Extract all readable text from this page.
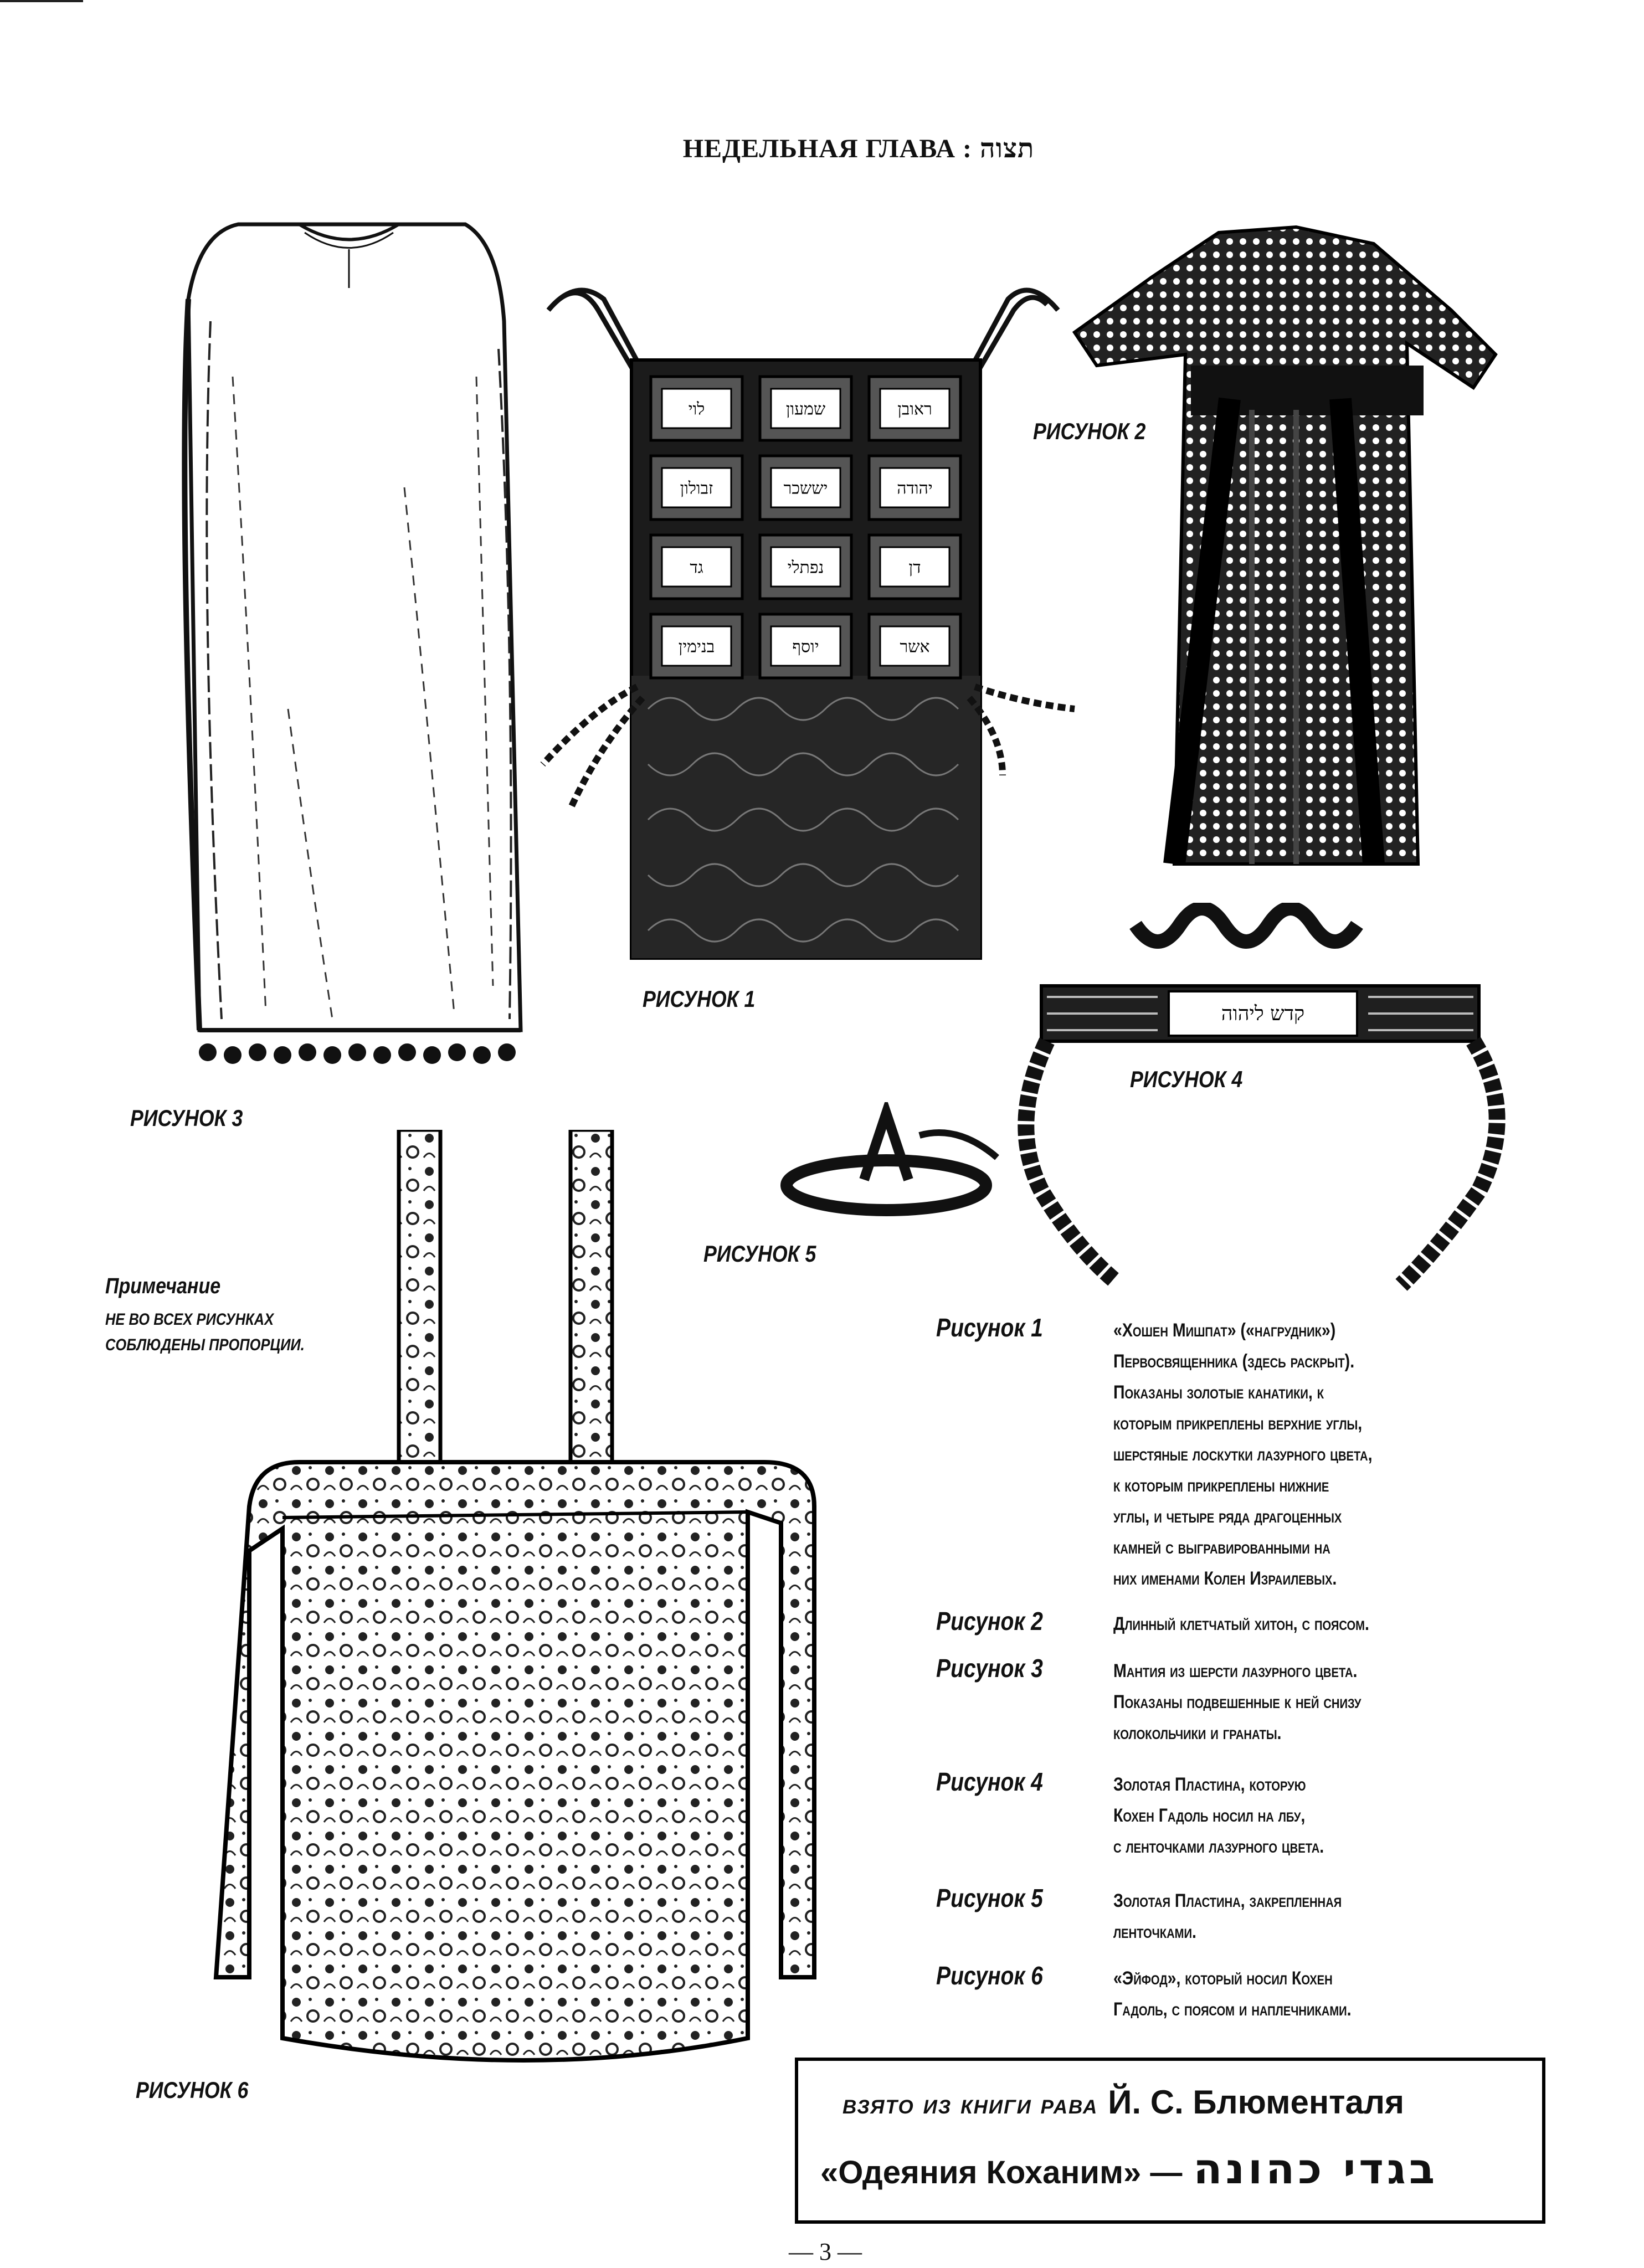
НЕДЕЛЬНАЯ ГЛАВА : תצוה
לוי	שמעון	ראובן
זבולון	יששכר	יהודה
גד	נפתלי	דן
בנימין	יוסף	אשר
קדש ליהוה
РИСУНОК 1
РИСУНОК 2
РИСУНОК 3
РИСУНОК 4
РИСУНОК 5
РИСУНОК 6
Примечание
НЕ ВО ВСЕХ РИСУНКАХ СОБЛЮДЕНЫ ПРОПОРЦИИ.
Рисунок 1	«Хошен Мишпат» («нагрудник»)
Первосвященника (здесь раскрыт).
Показаны золотые канатики, к
которым прикреплены верхние углы,
шерстяные лоскутки лазурного цвета,
к которым прикреплены нижние
углы, и четыре ряда драгоценных
камней с выгравированными на
них именами Колен Израилевых.
Рисунок 2	Длинный клетчатый хитон, с поясом.
Рисунок 3	Мантия из шерсти лазурного цвета.
Показаны подвешенные к ней снизу
колокольчики и гранаты.
Рисунок 4	Золотая Пластина, которую
Кохен Гадоль носил на лбу,
с ленточками лазурного цвета.
Рисунок 5	Золотая Пластина, закрепленная
ленточками.
Рисунок 6	«Эйфод», который носил Кохен
Гадоль, с поясом и наплечниками.
взято из книги рава Й. С. Блюменталя
«Одеяния Коханим» — בגדי כהונה
— 3 —
